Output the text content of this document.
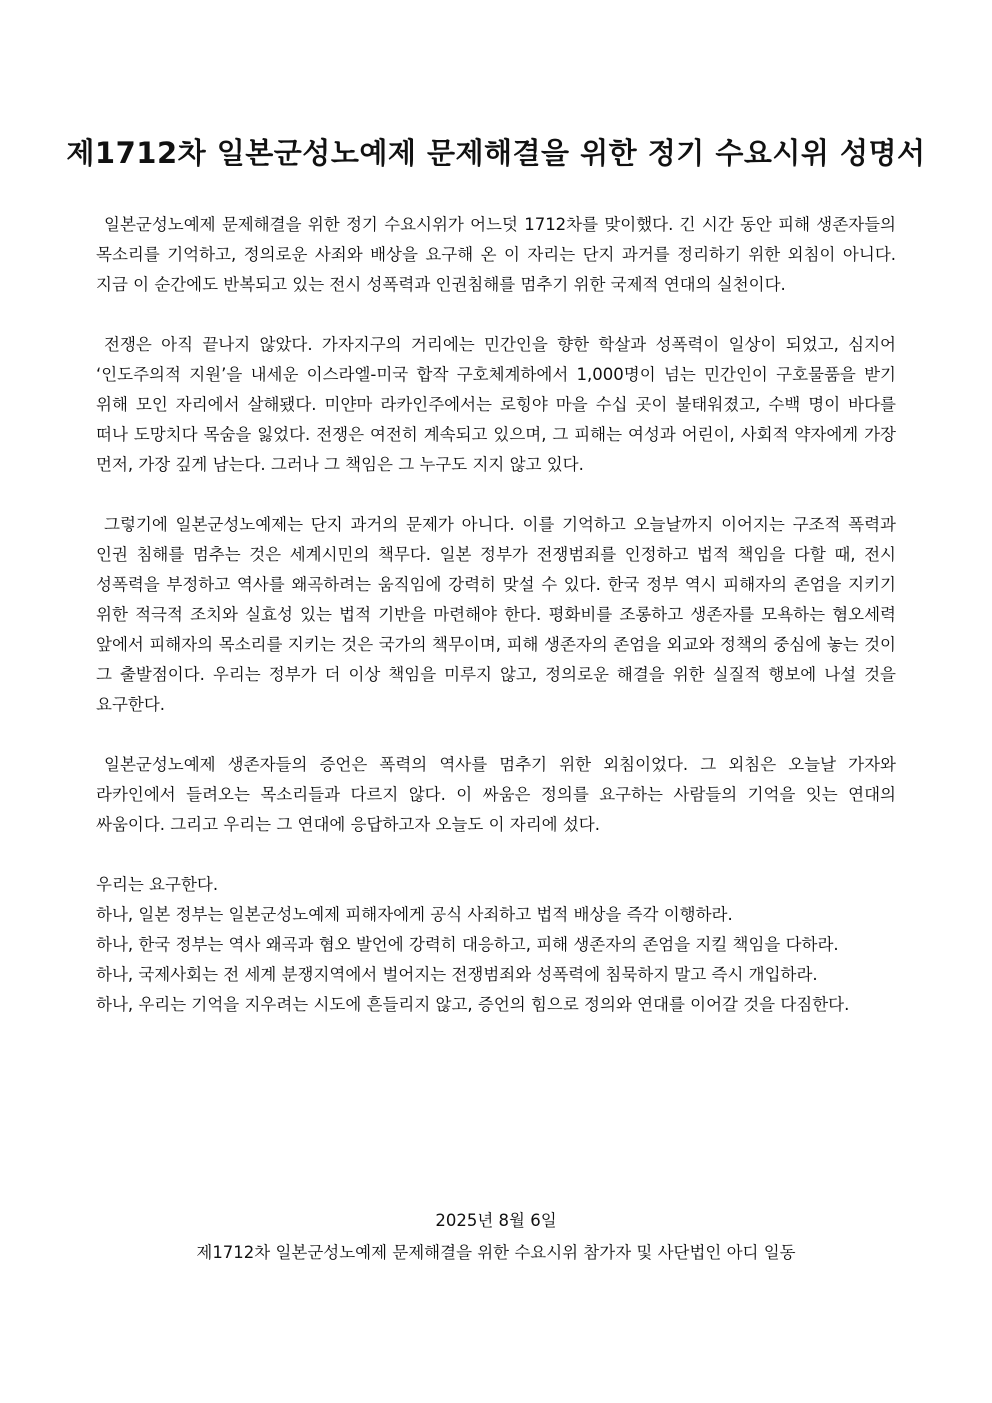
제1712차 일본군성노예제 문제해결을 위한 정기 수요시위 성명서

일본군성노예제 문제해결을 위한 정기 수요시위가 어느덧 1712차를 맞이했다. 긴 시간 동안 피해 생존자들의 목소리를 기억하고, 정의로운 사죄와 배상을 요구해 온 이 자리는 단지 과거를 정리하기 위한 외침이 아니다. 지금 이 순간에도 반복되고 있는 전시 성폭력과 인권침해를 멈추기 위한 국제적 연대의 실천이다.

전쟁은 아직 끝나지 않았다. 가자지구의 거리에는 민간인을 향한 학살과 성폭력이 일상이 되었고, 심지어 ‘인도주의적 지원’을 내세운 이스라엘-미국 합작 구호체계하에서 1,000명이 넘는 민간인이 구호물품을 받기 위해 모인 자리에서 살해됐다. 미얀마 라카인주에서는 로힝야 마을 수십 곳이 불태워졌고, 수백 명이 바다를 떠나 도망치다 목숨을 잃었다. 전쟁은 여전히 계속되고 있으며, 그 피해는 여성과 어린이, 사회적 약자에게 가장 먼저, 가장 깊게 남는다. 그러나 그 책임은 그 누구도 지지 않고 있다.

그렇기에 일본군성노예제는 단지 과거의 문제가 아니다. 이를 기억하고 오늘날까지 이어지는 구조적 폭력과 인권 침해를 멈추는 것은 세계시민의 책무다. 일본 정부가 전쟁범죄를 인정하고 법적 책임을 다할 때, 전시 성폭력을 부정하고 역사를 왜곡하려는 움직임에 강력히 맞설 수 있다. 한국 정부 역시 피해자의 존엄을 지키기 위한 적극적 조치와 실효성 있는 법적 기반을 마련해야 한다. 평화비를 조롱하고 생존자를 모욕하는 혐오세력 앞에서 피해자의 목소리를 지키는 것은 국가의 책무이며, 피해 생존자의 존엄을 외교와 정책의 중심에 놓는 것이 그 출발점이다. 우리는 정부가 더 이상 책임을 미루지 않고, 정의로운 해결을 위한 실질적 행보에 나설 것을 요구한다.

일본군성노예제 생존자들의 증언은 폭력의 역사를 멈추기 위한 외침이었다. 그 외침은 오늘날 가자와 라카인에서 들려오는 목소리들과 다르지 않다. 이 싸움은 정의를 요구하는 사람들의 기억을 잇는 연대의 싸움이다. 그리고 우리는 그 연대에 응답하고자 오늘도 이 자리에 섰다.

우리는 요구한다.

하나, 일본 정부는 일본군성노예제 피해자에게 공식 사죄하고 법적 배상을 즉각 이행하라.

하나, 한국 정부는 역사 왜곡과 혐오 발언에 강력히 대응하고, 피해 생존자의 존엄을 지킬 책임을 다하라.

하나, 국제사회는 전 세계 분쟁지역에서 벌어지는 전쟁범죄와 성폭력에 침묵하지 말고 즉시 개입하라.

하나, 우리는 기억을 지우려는 시도에 흔들리지 않고, 증언의 힘으로 정의와 연대를 이어갈 것을 다짐한다.

2025년 8월 6일
제1712차 일본군성노예제 문제해결을 위한 수요시위 참가자 및 사단법인 아디 일동
